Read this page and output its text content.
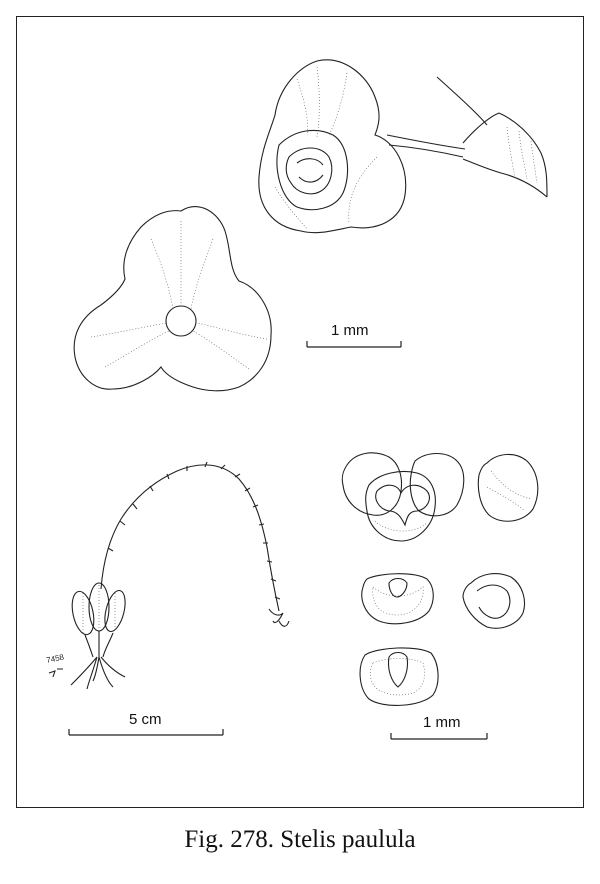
7458
1 mm
5 cm	1 mm
Fig. 278. Stelis paulula
